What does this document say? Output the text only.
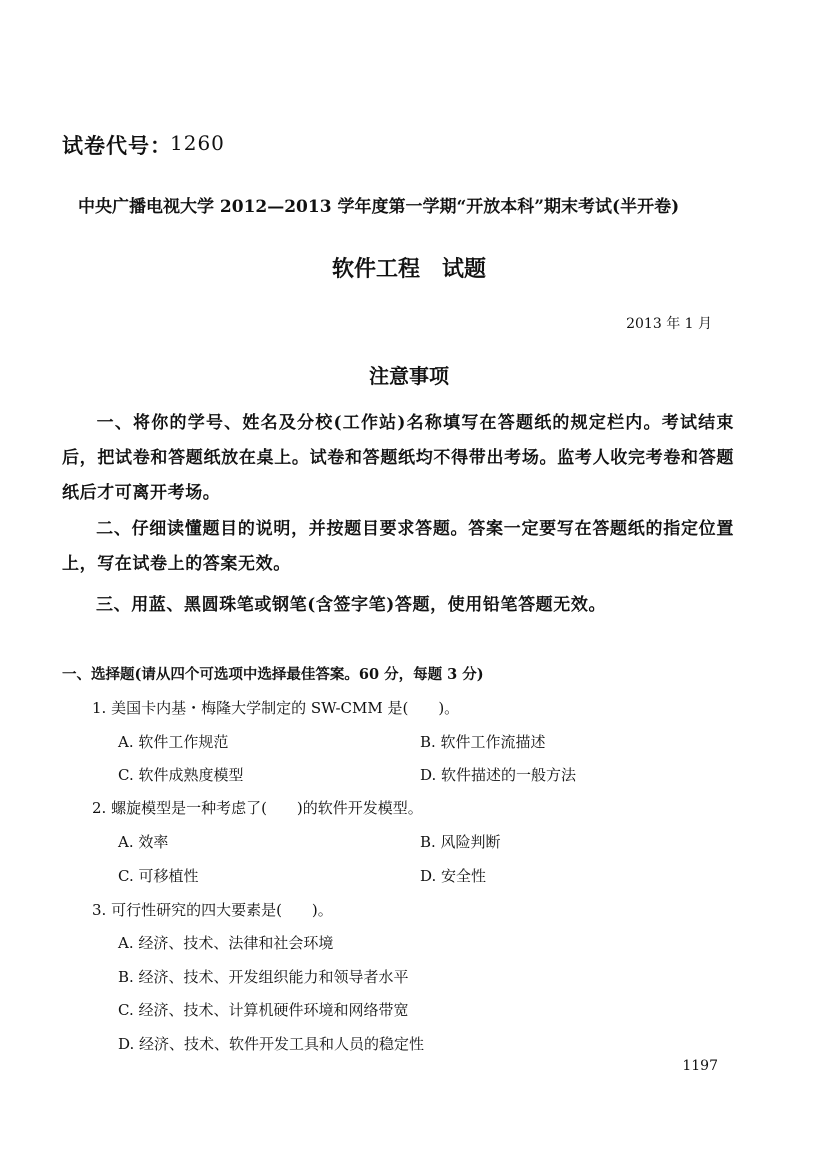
试卷代号：
1260
中央广播电视大学 2012—2013 学年度第一学期“开放本科”期末考试(半开卷)
软件工程　试题
2013 年 1 月
注意事项
一、将你的学号、姓名及分校(工作站)名称填写在答题纸的规定栏内。考试结束后，把试卷和答题纸放在桌上。试卷和答题纸均不得带出考场。监考人收完考卷和答题纸后才可离开考场。
二、仔细读懂题目的说明，并按题目要求答题。答案一定要写在答题纸的指定位置上，写在试卷上的答案无效。
三、用蓝、黑圆珠笔或钢笔(含签字笔)答题，使用铅笔答题无效。
一、选择题(请从四个可选项中选择最佳答案。60 分，每题 3 分)
1. 美国卡内基・梅隆大学制定的 SW-CMM 是(　　)。
A. 软件工作规范	B. 软件工作流描述
C. 软件成熟度模型	D. 软件描述的一般方法
2. 螺旋模型是一种考虑了(　　)的软件开发模型。
A. 效率	B. 风险判断
C. 可移植性	D. 安全性
3. 可行性研究的四大要素是(　　)。
A. 经济、技术、法律和社会环境
B. 经济、技术、开发组织能力和领导者水平
C. 经济、技术、计算机硬件环境和网络带宽
D. 经济、技术、软件开发工具和人员的稳定性
1197
